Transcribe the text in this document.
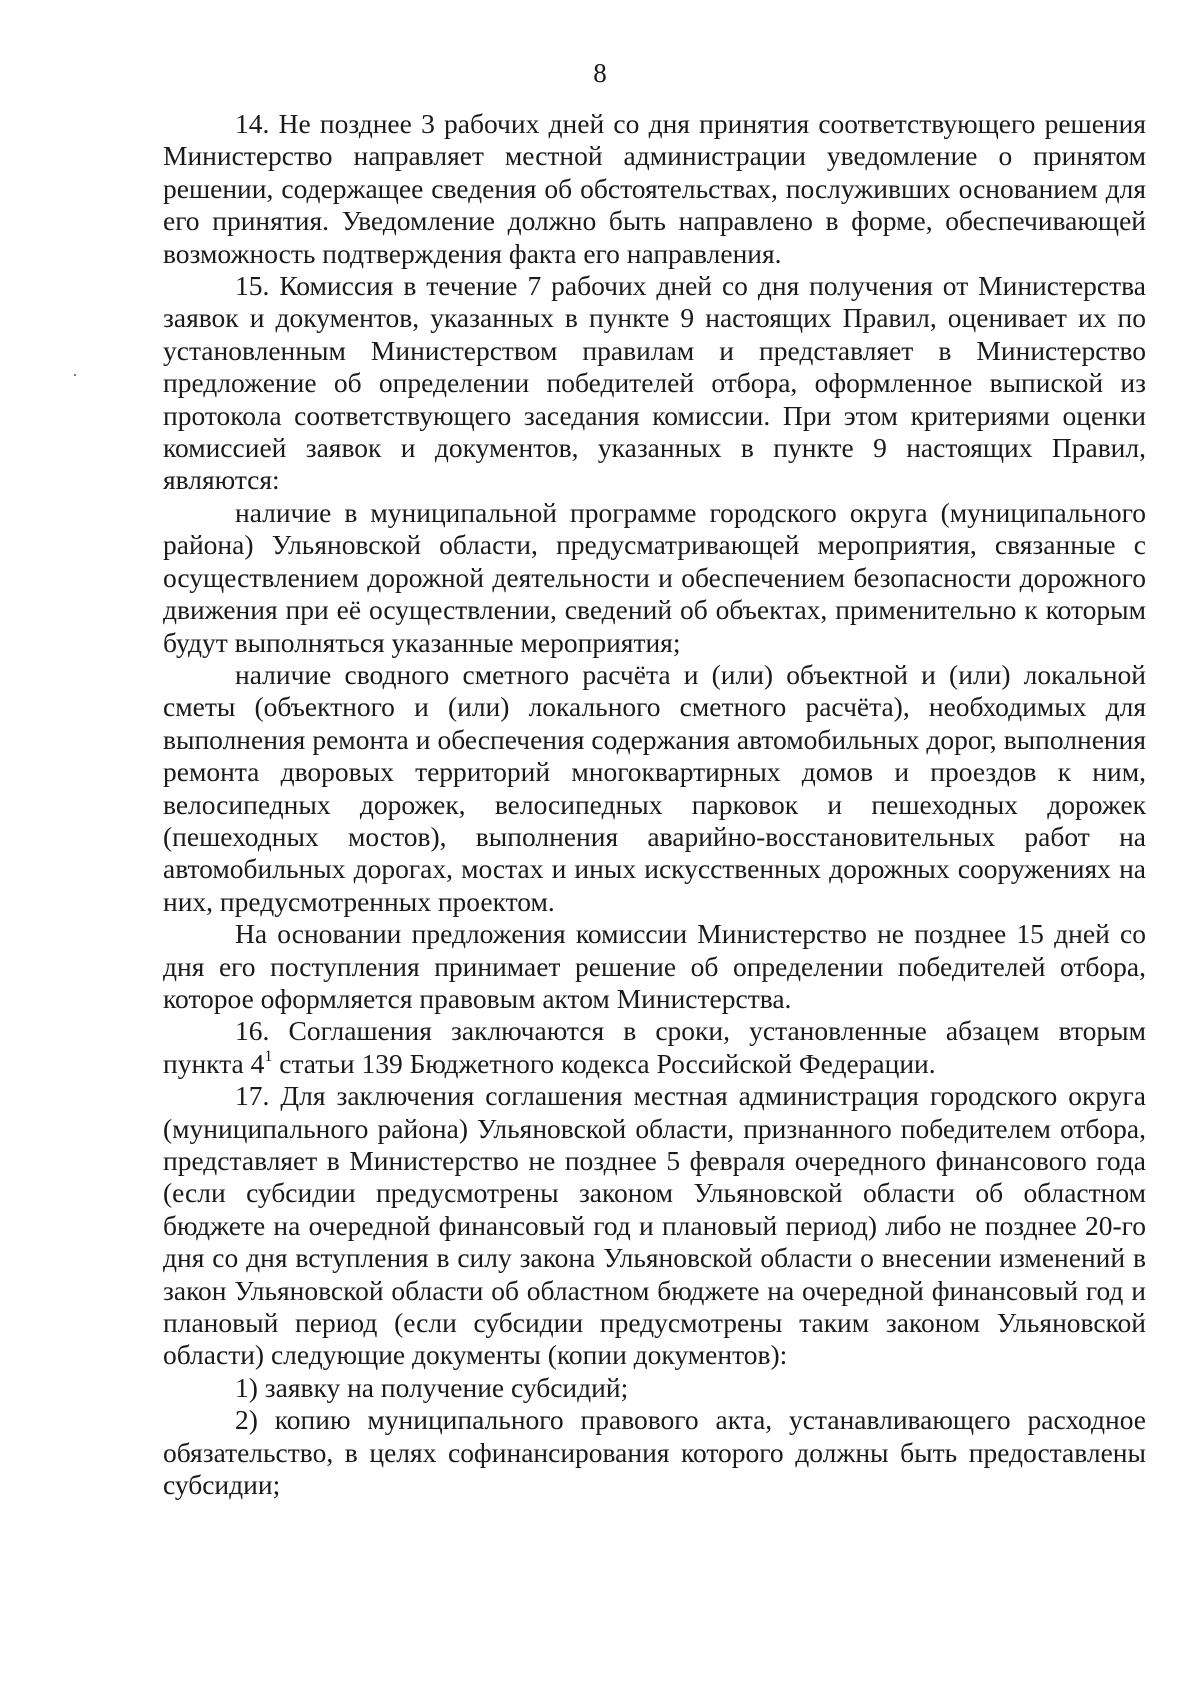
8

14. Не позднее 3 рабочих дней со дня принятия соответствующего решения Министерство направляет местной администрации уведомление о принятом решении, содержащее сведения об обстоятельствах, послуживших основанием для его принятия. Уведомление должно быть направлено в форме, обеспечивающей возможность подтверждения факта его направления.

15. Комиссия в течение 7 рабочих дней со дня получения от Министерства заявок и документов, указанных в пункте 9 настоящих Правил, оценивает их по установленным Министерством правилам и представляет в Министерство предложение об определении победителей отбора, оформленное выпиской из протокола соответствующего заседания комиссии. При этом критериями оценки комиссией заявок и документов, указанных в пункте 9 настоящих Правил, являются:

наличие в муниципальной программе городского округа (муниципального района) Ульяновской области, предусматривающей мероприятия, связанные с осуществлением дорожной деятельности и обеспечением безопасности дорожного движения при её осуществлении, сведений об объектах, применительно к которым будут выполняться указанные мероприятия;

наличие сводного сметного расчёта и (или) объектной и (или) локальной сметы (объектного и (или) локального сметного расчёта), необходимых для выполнения ремонта и обеспечения содержания автомобильных дорог, выполнения ремонта дворовых территорий многоквартирных домов и проездов к ним, велосипедных дорожек, велосипедных парковок и пешеходных дорожек (пешеходных мостов), выполнения аварийно-восстановительных работ на автомобильных дорогах, мостах и иных искусственных дорожных сооружениях на них, предусмотренных проектом.

На основании предложения комиссии Министерство не позднее 15 дней со дня его поступления принимает решение об определении победителей отбора, которое оформляется правовым актом Министерства.

16. Соглашения заключаются в сроки, установленные абзацем вторым пункта $4^1$ статьи 139 Бюджетного кодекса Российской Федерации.

17. Для заключения соглашения местная администрация городского округа (муниципального района) Ульяновской области, признанного победителем отбора, представляет в Министерство не позднее 5 февраля очередного финансового года (если субсидии предусмотрены законом Ульяновской области об областном бюджете на очередной финансовый год и плановый период) либо не позднее 20-го дня со дня вступления в силу закона Ульяновской области о внесении изменений в закон Ульяновской области об областном бюджете на очередной финансовый год и плановый период (если субсидии предусмотрены таким законом Ульяновской области) следующие документы (копии документов):

1) заявку на получение субсидий;

2) копию муниципального правового акта, устанавливающего расходное обязательство, в целях софинансирования которого должны быть предоставлены субсидии;
